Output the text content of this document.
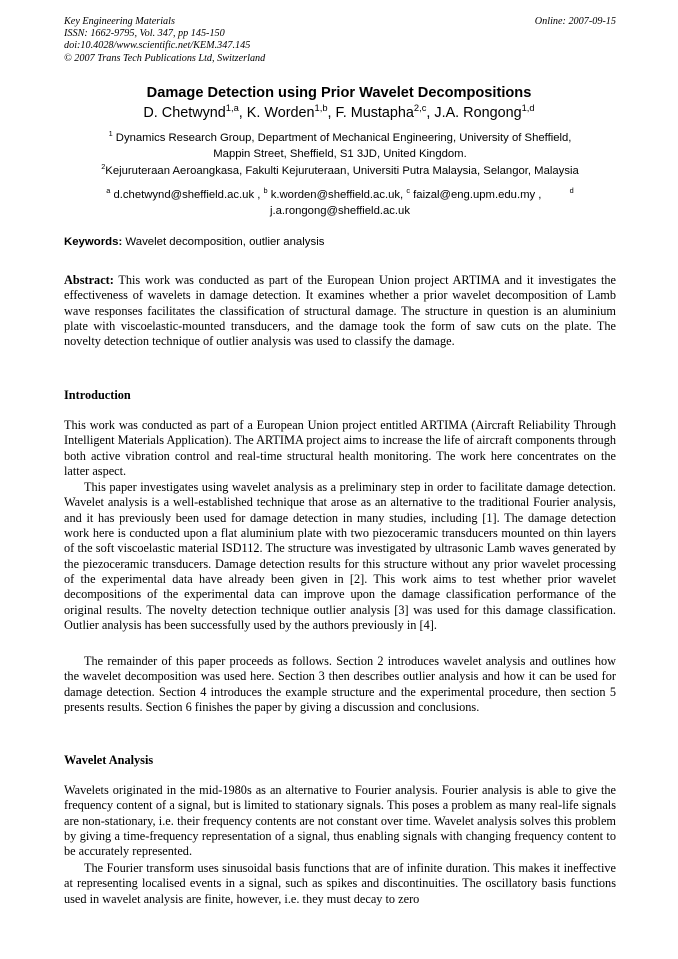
Key Engineering Materials
ISSN: 1662-9795, Vol. 347, pp 145-150
doi:10.4028/www.scientific.net/KEM.347.145
© 2007 Trans Tech Publications Ltd, Switzerland
Online: 2007-09-15
Damage Detection using Prior Wavelet Decompositions
D. Chetwynd$^{1,a}$, K. Worden$^{1,b}$, F. Mustapha$^{2,c}$, J.A. Rongong$^{1,d}$
$^1$ Dynamics Research Group, Department of Mechanical Engineering, University of Sheffield,
Mappin Street, Sheffield, S1 3JD, United Kingdom.
$^2$Kejuruteraan Aeroangkasa, Fakulti Kejuruteraan, Universiti Putra Malaysia, Selangor, Malaysia
$^a$ d.chetwynd@sheffield.ac.uk , $^b$ k.worden@sheffield.ac.uk, $^c$ faizal@eng.upm.edu.my ,	$^d$
j.a.rongong@sheffield.ac.uk
Keywords: Wavelet decomposition, outlier analysis

Abstract: This work was conducted as part of the European Union project ARTIMA and it investigates the effectiveness of wavelets in damage detection. It examines whether a prior wavelet decomposition of Lamb wave responses facilitates the classification of structural damage. The structure in question is an aluminium plate with viscoelastic-mounted transducers, and the damage took the form of saw cuts on the plate. The novelty detection technique of outlier analysis was used to classify the damage.

Introduction

This work was conducted as part of a European Union project entitled ARTIMA (Aircraft Reliability Through Intelligent Materials Application). The ARTIMA project aims to increase the life of aircraft components through both active vibration control and real-time structural health monitoring. The work here concentrates on the latter aspect.

This paper investigates using wavelet analysis as a preliminary step in order to facilitate damage detection. Wavelet analysis is a well-established technique that arose as an alternative to the traditional Fourier analysis, and it has previously been used for damage detection in many studies, including [1]. The damage detection work here is conducted upon a flat aluminium plate with two piezoceramic transducers mounted on thin layers of the soft viscoelastic material ISD112. The structure was investigated by ultrasonic Lamb waves generated by the piezoceramic transducers. Damage detection results for this structure without any prior wavelet processing of the experimental data have already been given in [2]. This work aims to test whether prior wavelet decompositions of the experimental data can improve upon the damage classification performance of the original results. The novelty detection technique outlier analysis [3] was used for this damage classification. Outlier analysis has been successfully used by the authors previously in [4].

The remainder of this paper proceeds as follows. Section 2 introduces wavelet analysis and outlines how the wavelet decomposition was used here. Section 3 then describes outlier analysis and how it can be used for damage detection. Section 4 introduces the example structure and the experimental procedure, then section 5 presents results. Section 6 finishes the paper by giving a discussion and conclusions.

Wavelet Analysis

Wavelets originated in the mid-1980s as an alternative to Fourier analysis. Fourier analysis is able to give the frequency content of a signal, but is limited to stationary signals. This poses a problem as many real-life signals are non-stationary, i.e. their frequency contents are not constant over time. Wavelet analysis solves this problem by giving a time-frequency representation of a signal, thus enabling signals with changing frequency content to be accurately represented.

The Fourier transform uses sinusoidal basis functions that are of infinite duration. This makes it ineffective at representing localised events in a signal, such as spikes and discontinuities. The oscillatory basis functions used in wavelet analysis are finite, however, i.e. they must decay to zero
